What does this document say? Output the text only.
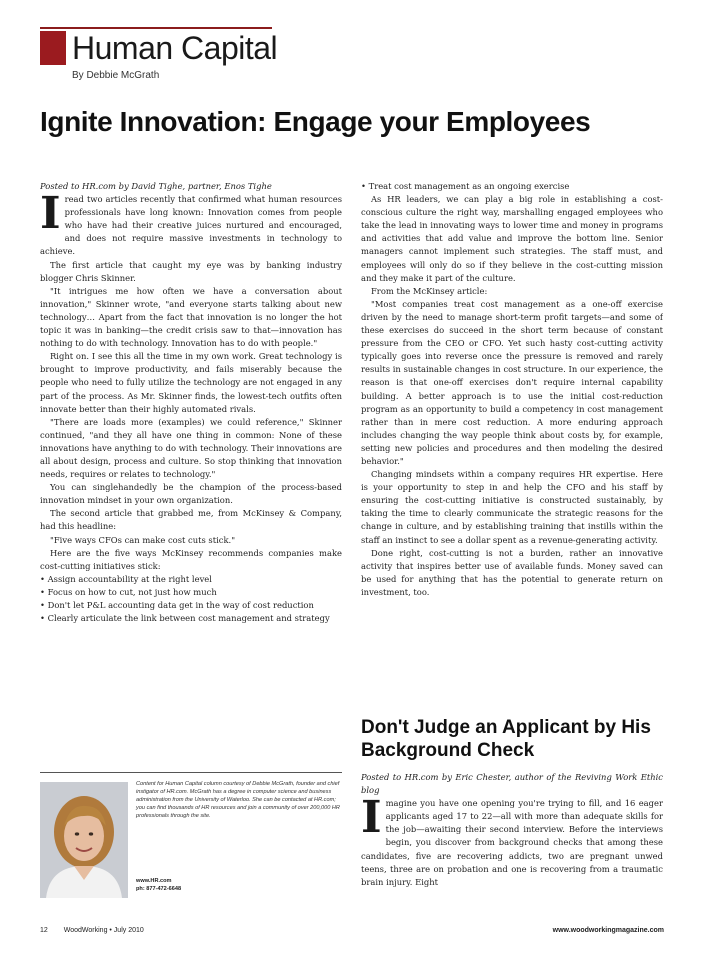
Human Capital
By Debbie McGrath
Ignite Innovation: Engage your Employees

Posted to HR.com by David Tighe, partner, Enos Tighe

Iread two articles recently that confirmed what human resources professionals have long known: Innovation comes from people who have had their creative juices nurtured and encouraged, and does not require massive investments in technology to achieve.

The first article that caught my eye was by banking industry blogger Chris Skinner.

"It intrigues me how often we have a conversation about innovation," Skinner wrote, "and everyone starts talking about new technology… Apart from the fact that innovation is no longer the hot topic it was in banking—the credit crisis saw to that—innovation has nothing to do with technology. Innovation has to do with people."

Right on. I see this all the time in my own work. Great technology is brought to improve productivity, and fails miserably because the people who need to fully utilize the technology are not engaged in any part of the process. As Mr. Skinner finds, the lowest-tech outfits often innovate better than their highly automated rivals.

"There are loads more (examples) we could reference," Skinner continued, "and they all have one thing in common: None of these innovations have anything to do with technology. Their innovations are all about design, process and culture. So stop thinking that innovation needs, requires or relates to technology."

You can singlehandedly be the champion of the process-based innovation mindset in your own organization.

The second article that grabbed me, from McKinsey & Company, had this headline:

"Five ways CFOs can make cost cuts stick."

Here are the five ways McKinsey recommends companies make cost-cutting initiatives stick:

• Assign accountability at the right level

• Focus on how to cut, not just how much

• Don't let P&L accounting data get in the way of cost reduction

• Clearly articulate the link between cost management and strategy

• Treat cost management as an ongoing exercise

As HR leaders, we can play a big role in establishing a cost-conscious culture the right way, marshalling engaged employees who take the lead in innovating ways to lower time and money in programs and activities that add value and improve the bottom line. Senior managers cannot implement such strategies. The staff must, and employees will only do so if they believe in the cost-cutting mission and they make it part of the culture.

From the McKinsey article:

"Most companies treat cost management as a one-off exercise driven by the need to manage short-term profit targets—and some of these exercises do succeed in the short term because of constant pressure from the CEO or CFO. Yet such hasty cost-cutting activity typically goes into reverse once the pressure is removed and rarely results in sustainable changes in cost structure. In our experience, the reason is that one-off exercises don't require internal capability building. A better approach is to use the initial cost-reduction program as an opportunity to build a competency in cost management rather than in mere cost reduction. A more enduring approach includes changing the way people think about costs by, for example, setting new policies and procedures and then modeling the desired behavior."

Changing mindsets within a company requires HR expertise. Here is your opportunity to step in and help the CFO and his staff by ensuring the cost-cutting initiative is constructed sustainably, by taking the time to clearly communicate the strategic reasons for the change in culture, and by establishing training that instills within the staff an instinct to see a dollar spent as a revenue-generating activity.

Done right, cost-cutting is not a burden, rather an innovative activity that inspires better use of available funds. Money saved can be used for anything that has the potential to generate return on investment, too.

Don't Judge an Applicant by His Background Check

Posted to HR.com by Eric Chester, author of the Reviving Work Ethic blog

Imagine you have one opening you're trying to fill, and 16 eager applicants aged 17 to 22—all with more than adequate skills for the job—awaiting their second interview. Before the interviews begin, you discover from background checks that among these candidates, five are recovering addicts, two are pregnant unwed teens, three are on probation and one is recovering from a traumatic brain injury. Eight

Content for Human Capital column courtesy of Debbie McGrath, founder and chief instigator of HR.com. McGrath has a degree in computer science and business administration from the University of Waterloo. She can be contacted at HR.com; you can find thousands of HR resources and join a community of over 200,000 HR professionals through the site.

www.HR.com
ph: 877-472-6648
12 WoodWorking • July 2010	www.woodworkingmagazine.com
